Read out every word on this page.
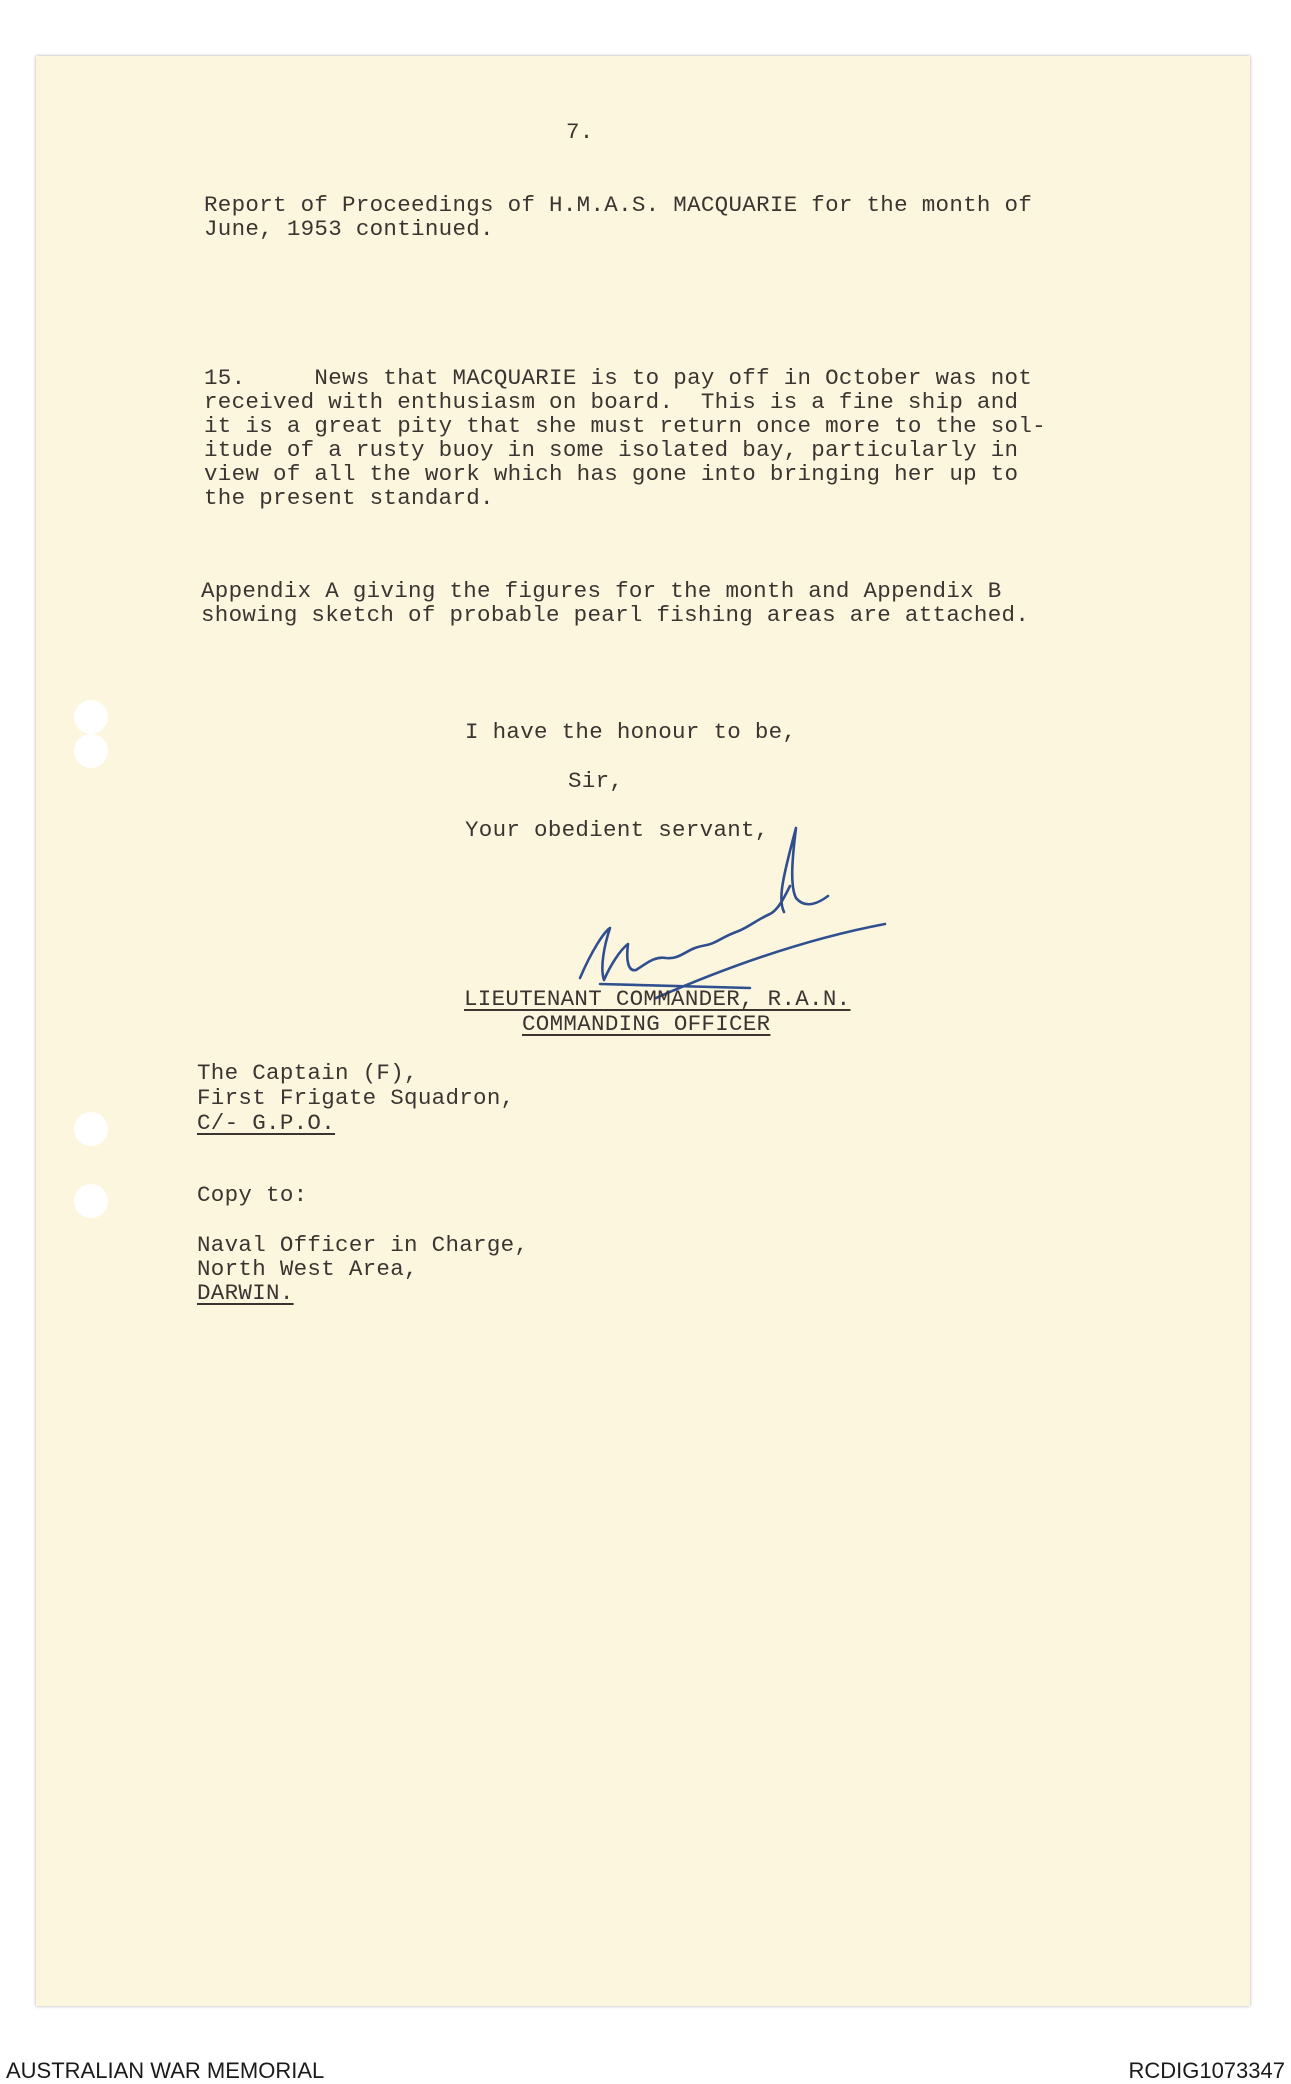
7.
Report of Proceedings of H.M.A.S. MACQUARIE for the month of
June, 1953 continued.
15.     News that MACQUARIE is to pay off in October was not
received with enthusiasm on board.  This is a fine ship and
it is a great pity that she must return once more to the sol-
itude of a rusty buoy in some isolated bay, particularly in
view of all the work which has gone into bringing her up to
the present standard.
Appendix A giving the figures for the month and Appendix B
showing sketch of probable pearl fishing areas are attached.
I have the honour to be,
Sir,
Your obedient servant,
LIEUTENANT COMMANDER, R.A.N.
COMMANDING OFFICER
The Captain (F),
First Frigate Squadron,
C/- G.P.O.
Copy to:
Naval Officer in Charge,
North West Area,
DARWIN.
AUSTRALIAN WAR MEMORIAL	RCDIG1073347
